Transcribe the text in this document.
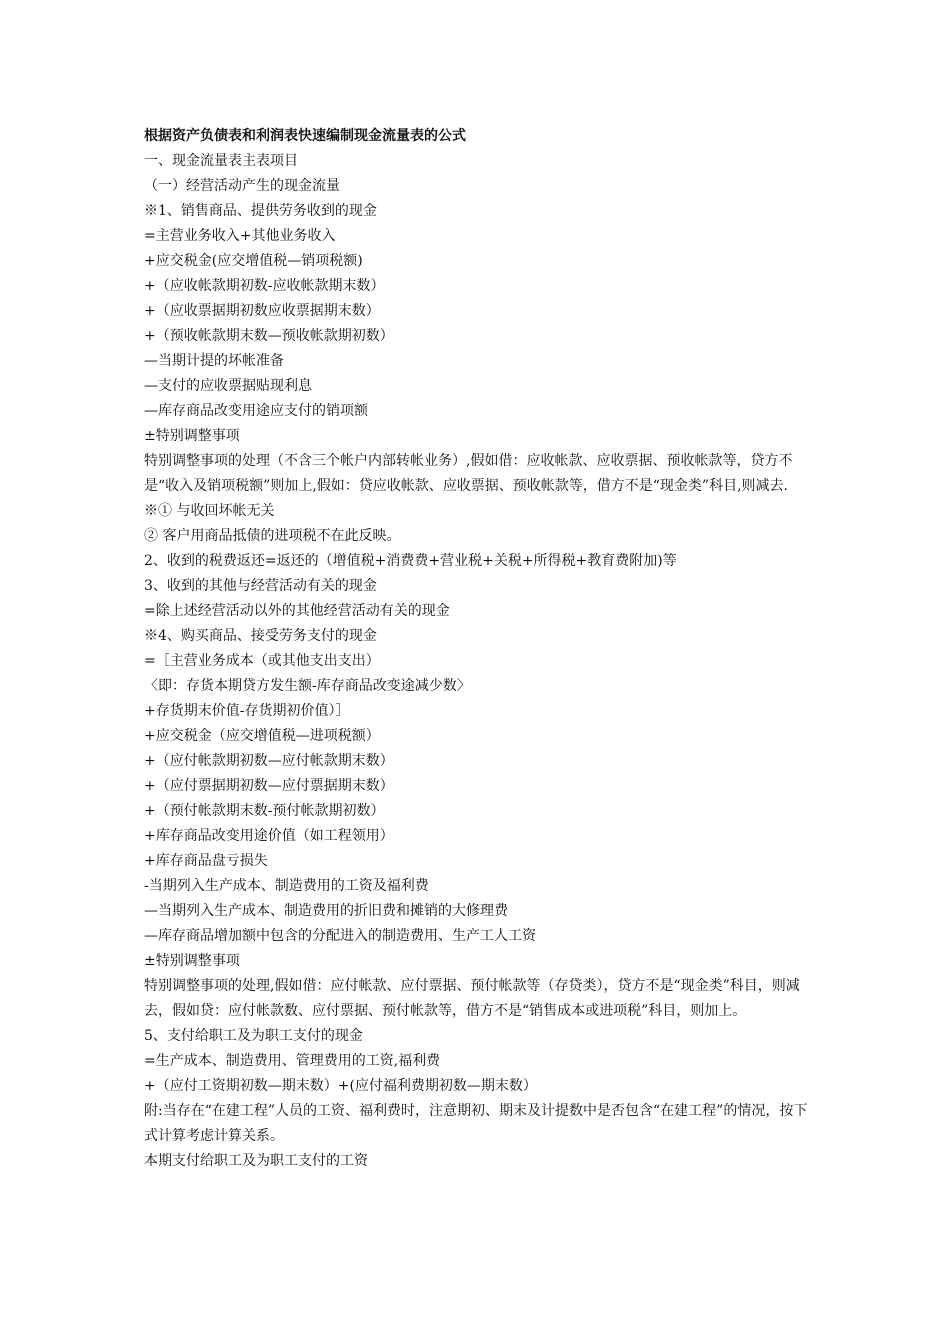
根据资产负债表和利润表快速编制现金流量表的公式

一、现金流量表主表项目

（一）经营活动产生的现金流量

※1、销售商品、提供劳务收到的现金

=主营业务收入+其他业务收入

+应交税金(应交增值税—销项税额)

+（应收帐款期初数-应收帐款期末数）

+（应收票据期初数应收票据期末数）

+（预收帐款期末数—预收帐款期初数）

—当期计提的坏帐准备

—支付的应收票据贴现利息

—库存商品改变用途应支付的销项额

±特别调整事项

特别调整事项的处理（不含三个帐户内部转帐业务）,假如借：应收帐款、应收票据、预收帐款等，贷方不是“收入及销项税额”则加上,假如：贷应收帐款、应收票据、预收帐款等，借方不是“现金类”科目,则减去.

※① 与收回坏帐无关

② 客户用商品抵债的进项税不在此反映。

2、收到的税费返还=返还的（增值税+消费费+营业税+关税+所得税+教育费附加)等

3、收到的其他与经营活动有关的现金

=除上述经营活动以外的其他经营活动有关的现金

※4、购买商品、接受劳务支付的现金

=［主营业务成本（或其他支出支出）

〈即：存货本期贷方发生额-库存商品改变途减少数〉

+存货期末价值-存货期初价值）］

+应交税金（应交增值税—进项税额）

+（应付帐款期初数—应付帐款期末数）

+（应付票据期初数—应付票据期末数）

+（预付帐款期末数-预付帐款期初数）

+库存商品改变用途价值（如工程领用）

+库存商品盘亏损失

-当期列入生产成本、制造费用的工资及福利费

—当期列入生产成本、制造费用的折旧费和摊销的大修理费

—库存商品增加额中包含的分配进入的制造费用、生产工人工资

±特别调整事项

特别调整事项的处理,假如借：应付帐款、应付票据、预付帐款等（存贷类），贷方不是“现金类”科目，则减去，假如贷：应付帐款数、应付票据、预付帐款等，借方不是“销售成本或进项税”科目，则加上。

5、支付给职工及为职工支付的现金

=生产成本、制造费用、管理费用的工资,福利费

+（应付工资期初数—期末数）+(应付福利费期初数—期末数）

附:当存在“在建工程”人员的工资、福利费时，注意期初、期末及计提数中是否包含“在建工程”的情况，按下式计算考虑计算关系。

本期支付给职工及为职工支付的工资
